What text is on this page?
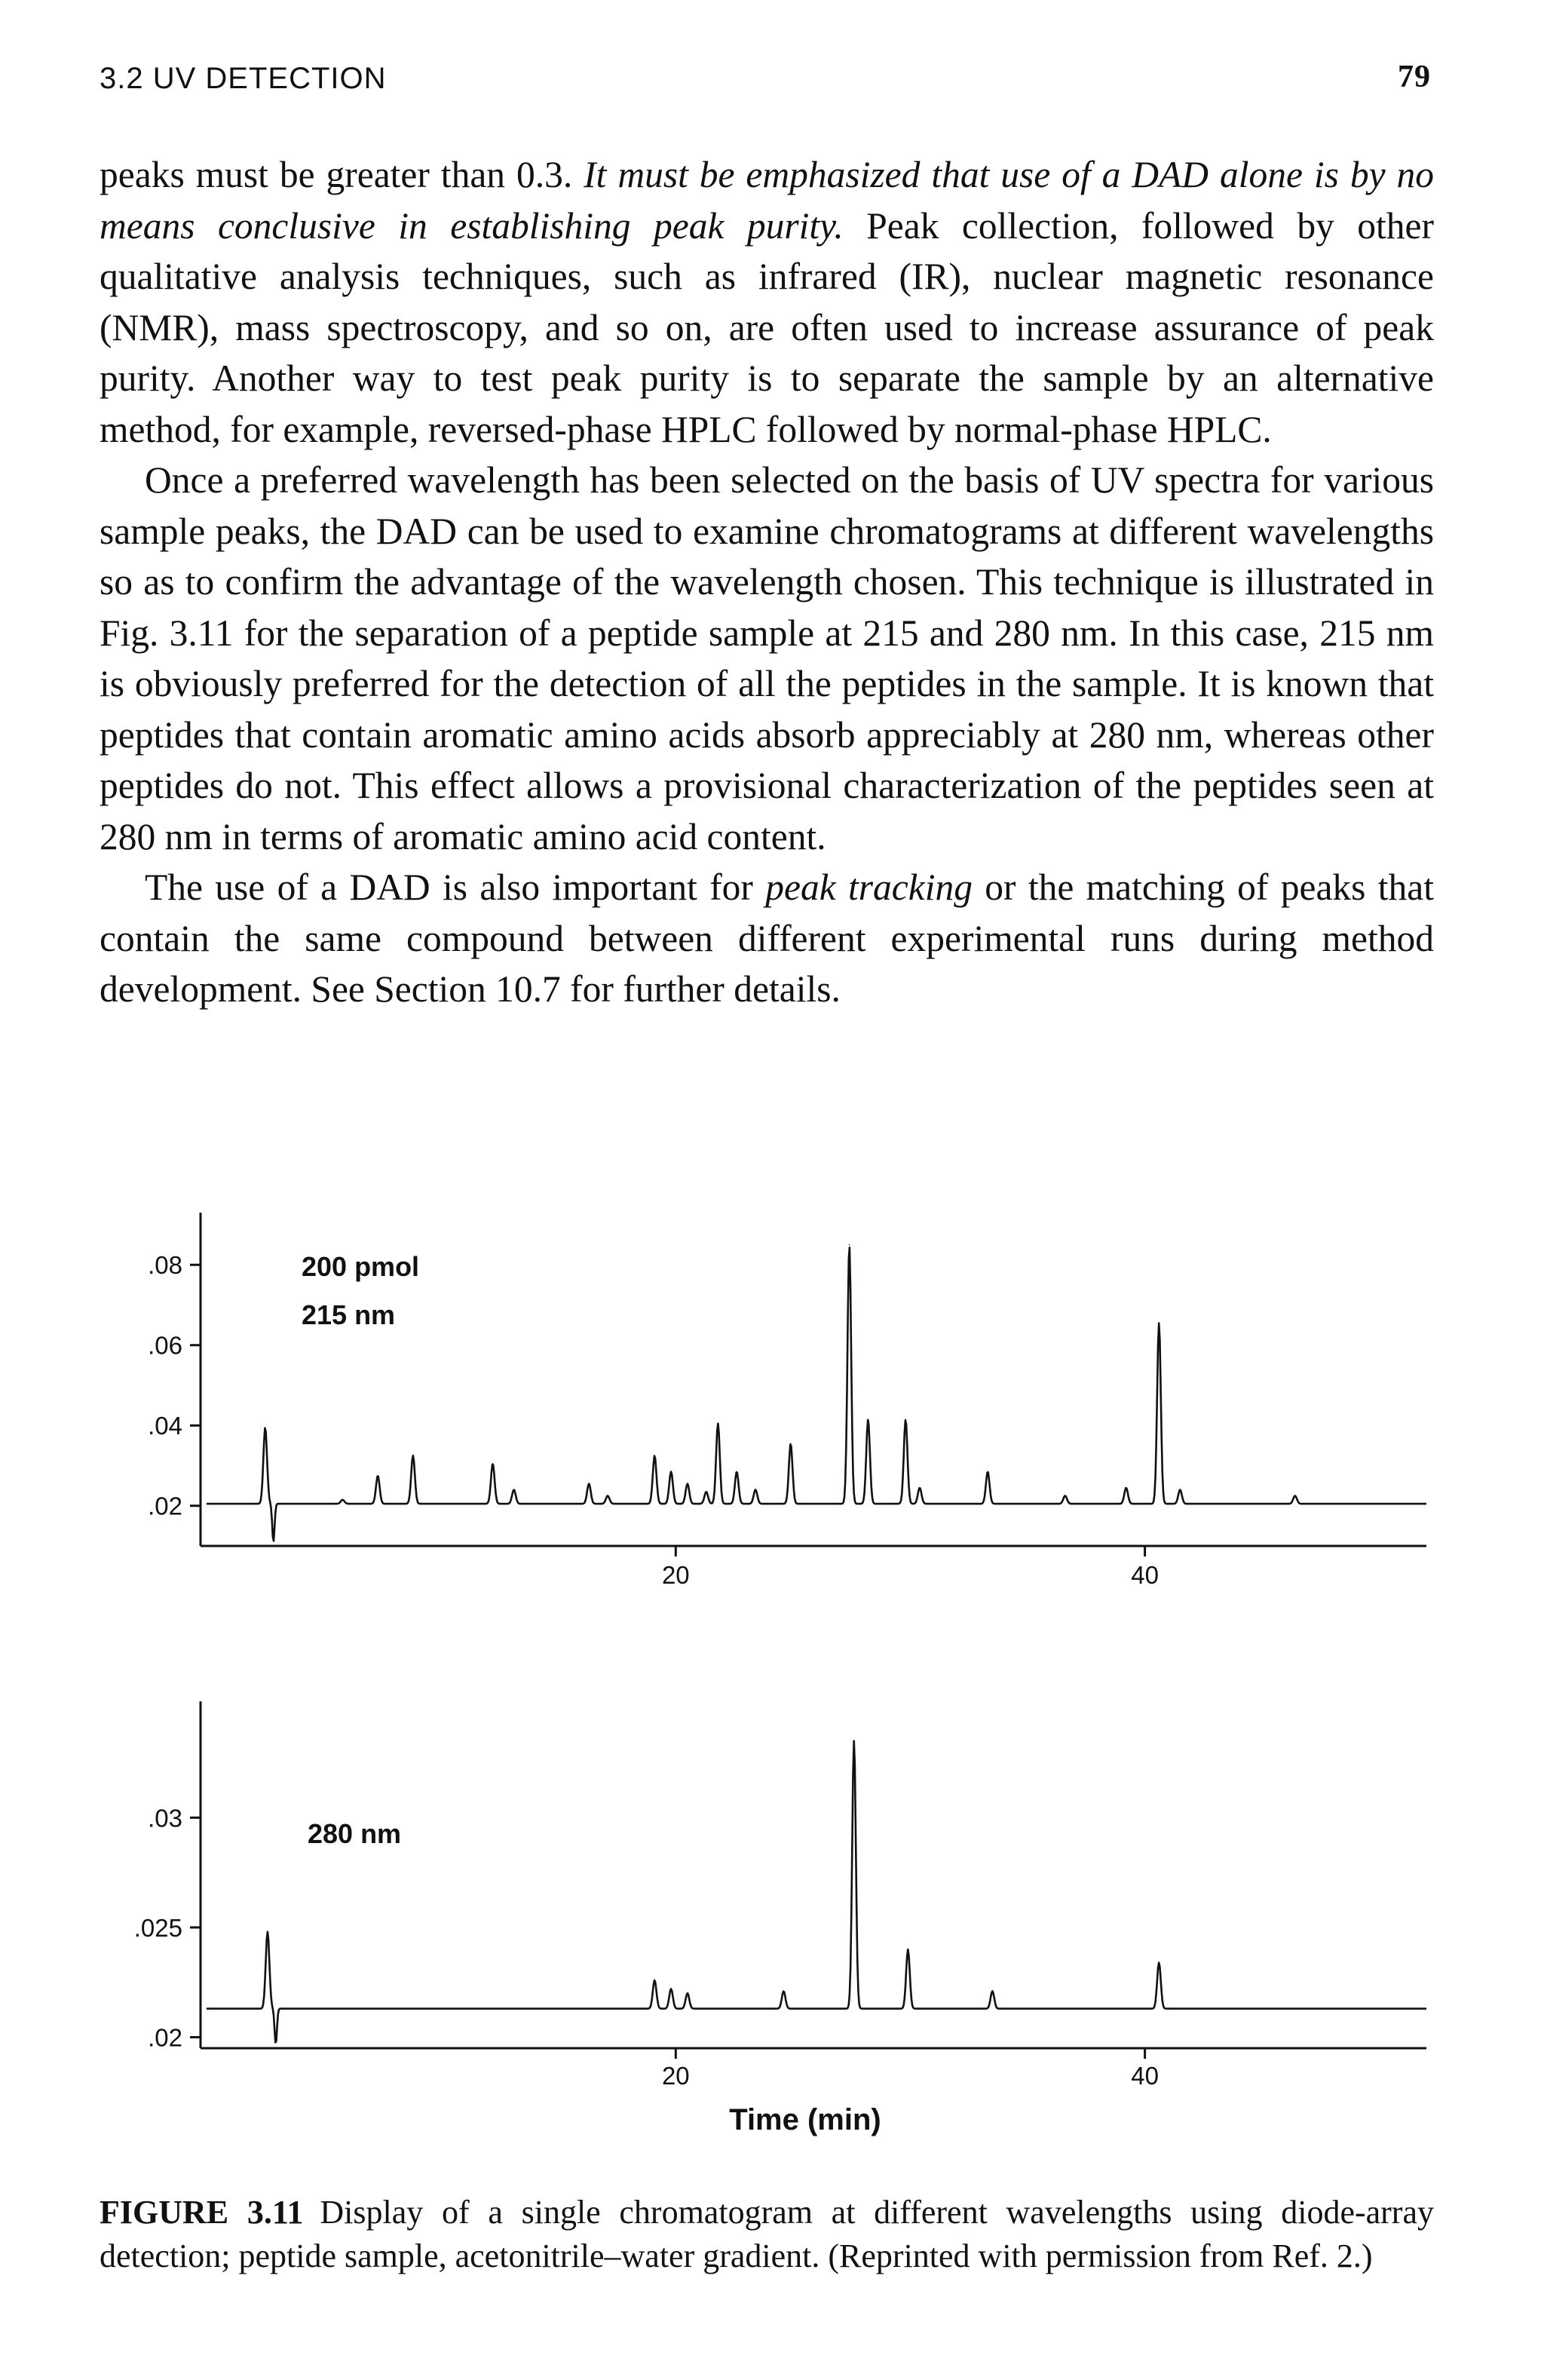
3.2 UV DETECTION	79

peaks must be greater than 0.3. It must be emphasized that use of a DAD alone is by no means conclusive in establishing peak purity. Peak collection, followed by other qualitative analysis techniques, such as infrared (IR), nuclear magnetic resonance (NMR), mass spectroscopy, and so on, are often used to increase assurance of peak purity. Another way to test peak purity is to separate the sample by an alternative method, for example, reversed-phase HPLC followed by normal-phase HPLC.

Once a preferred wavelength has been selected on the basis of UV spectra for various sample peaks, the DAD can be used to examine chromatograms at different wavelengths so as to confirm the advantage of the wavelength chosen. This technique is illustrated in Fig. 3.11 for the separation of a peptide sample at 215 and 280 nm. In this case, 215 nm is obviously preferred for the detection of all the peptides in the sample. It is known that peptides that contain aromatic amino acids absorb appreciably at 280 nm, whereas other peptides do not. This effect allows a provisional characterization of the peptides seen at 280 nm in terms of aromatic amino acid content.

The use of a DAD is also important for peak tracking or the matching of peaks that contain the same compound between different experimental runs during method development. See Section 10.7 for further details.

.02
.04
.06
.08
20	40
200 pmol
215 nm
.02
.025
.03
20	40
280 nm
Time (min)
FIGURE 3.11 Display of a single chromatogram at different wavelengths using diode-array detection; peptide sample, acetonitrile–water gradient. (Reprinted with permission from Ref. 2.)
